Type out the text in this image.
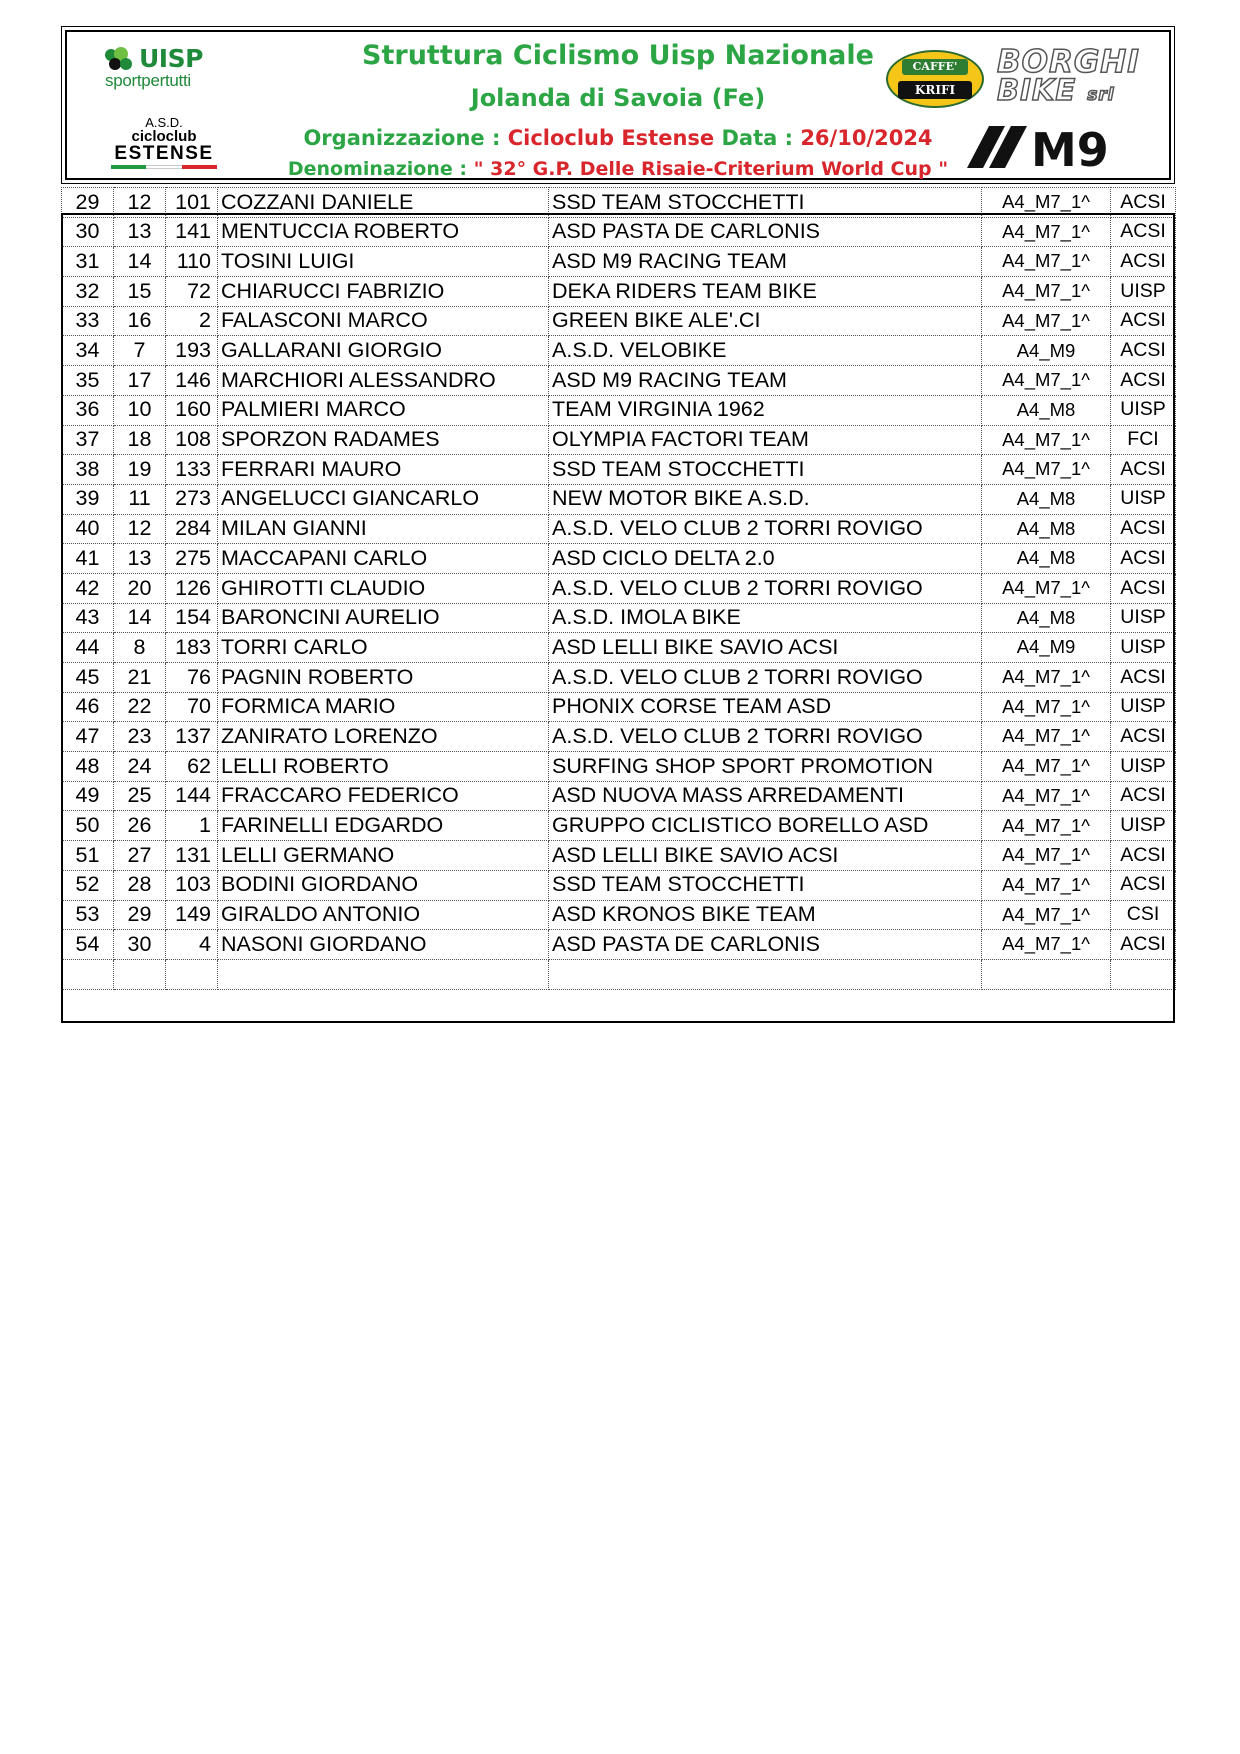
UISP
sportpertutti
A.S.D.
cicloclub
ESTENSE
Struttura Ciclismo Uisp Nazionale
Jolanda di Savoia (Fe)
Organizzazione : Cicloclub Estense Data : 26/10/2024
Denominazione : " 32° G.P. Delle Risaie-Criterium World Cup "
CAFFE'
KRIFI
BORGHI
BIKE srl
M9
29	12	101	COZZANI DANIELE	SSD TEAM STOCCHETTI	A4_M7_1^	ACSI
30	13	141	MENTUCCIA ROBERTO	ASD PASTA DE CARLONIS	A4_M7_1^	ACSI
31	14	110	TOSINI LUIGI	ASD M9 RACING TEAM	A4_M7_1^	ACSI
32	15	72	CHIARUCCI FABRIZIO	DEKA RIDERS TEAM BIKE	A4_M7_1^	UISP
33	16	2	FALASCONI MARCO	GREEN BIKE ALE'.CI	A4_M7_1^	ACSI
34	7	193	GALLARANI GIORGIO	A.S.D. VELOBIKE	A4_M9	ACSI
35	17	146	MARCHIORI ALESSANDRO	ASD M9 RACING TEAM	A4_M7_1^	ACSI
36	10	160	PALMIERI MARCO	TEAM VIRGINIA 1962	A4_M8	UISP
37	18	108	SPORZON RADAMES	OLYMPIA FACTORI TEAM	A4_M7_1^	FCI
38	19	133	FERRARI MAURO	SSD TEAM STOCCHETTI	A4_M7_1^	ACSI
39	11	273	ANGELUCCI GIANCARLO	NEW MOTOR BIKE A.S.D.	A4_M8	UISP
40	12	284	MILAN GIANNI	A.S.D. VELO CLUB 2 TORRI ROVIGO	A4_M8	ACSI
41	13	275	MACCAPANI CARLO	ASD CICLO DELTA 2.0	A4_M8	ACSI
42	20	126	GHIROTTI CLAUDIO	A.S.D. VELO CLUB 2 TORRI ROVIGO	A4_M7_1^	ACSI
43	14	154	BARONCINI AURELIO	A.S.D. IMOLA BIKE	A4_M8	UISP
44	8	183	TORRI CARLO	ASD LELLI BIKE SAVIO ACSI	A4_M9	UISP
45	21	76	PAGNIN ROBERTO	A.S.D. VELO CLUB 2 TORRI ROVIGO	A4_M7_1^	ACSI
46	22	70	FORMICA MARIO	PHONIX CORSE TEAM ASD	A4_M7_1^	UISP
47	23	137	ZANIRATO LORENZO	A.S.D. VELO CLUB 2 TORRI ROVIGO	A4_M7_1^	ACSI
48	24	62	LELLI ROBERTO	SURFING SHOP SPORT PROMOTION	A4_M7_1^	UISP
49	25	144	FRACCARO FEDERICO	ASD NUOVA MASS ARREDAMENTI	A4_M7_1^	ACSI
50	26	1	FARINELLI EDGARDO	GRUPPO CICLISTICO BORELLO ASD	A4_M7_1^	UISP
51	27	131	LELLI GERMANO	ASD LELLI BIKE SAVIO ACSI	A4_M7_1^	ACSI
52	28	103	BODINI GIORDANO	SSD TEAM STOCCHETTI	A4_M7_1^	ACSI
53	29	149	GIRALDO ANTONIO	ASD KRONOS BIKE TEAM	A4_M7_1^	CSI
54	30	4	NASONI GIORDANO	ASD PASTA DE CARLONIS	A4_M7_1^	ACSI
